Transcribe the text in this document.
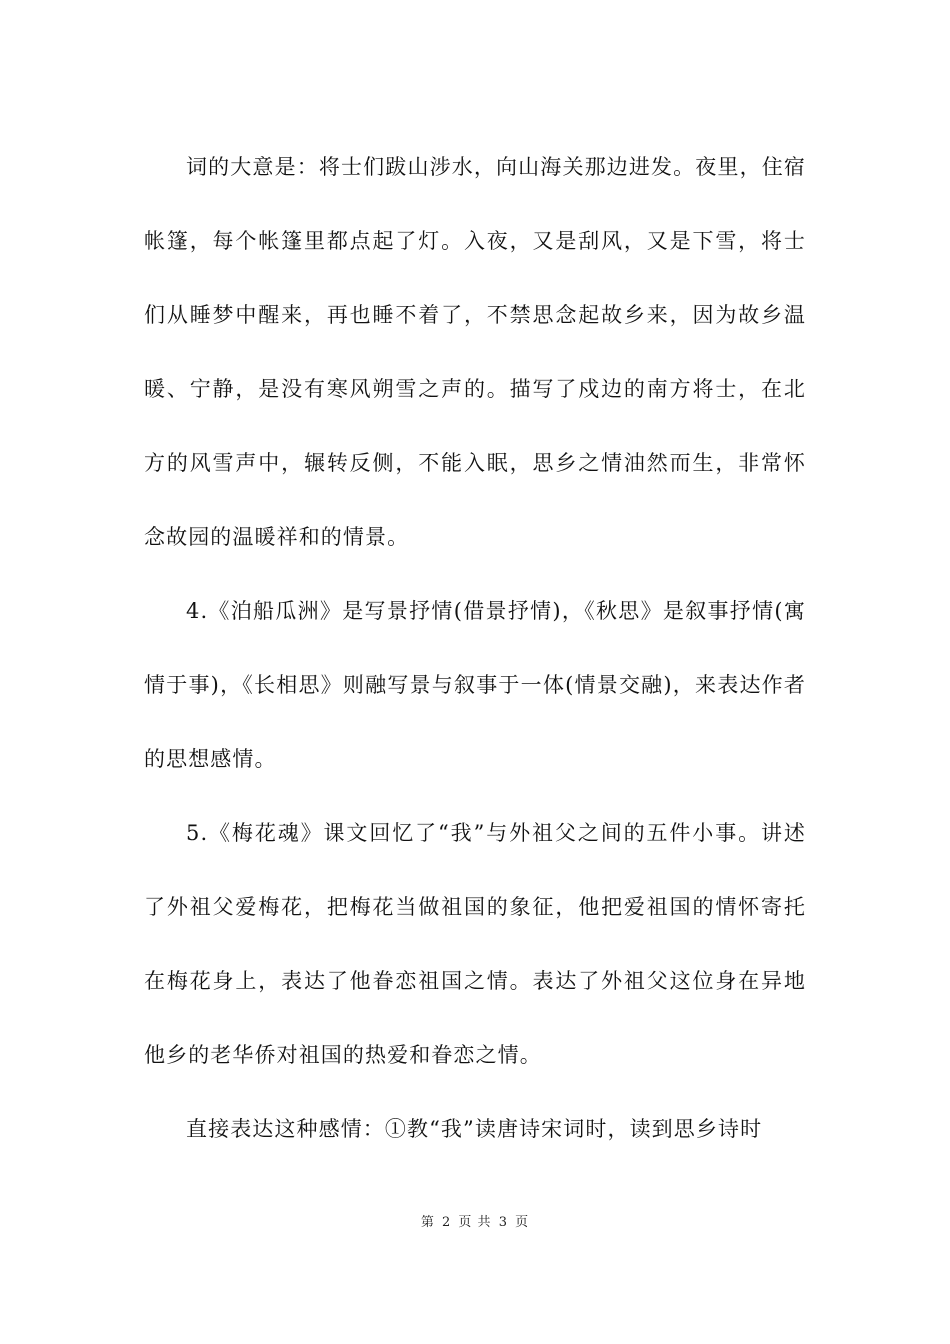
词的大意是：将士们跋山涉水，向山海关那边进发。夜里，住宿帐篷，每个帐篷里都点起了灯。入夜，又是刮风，又是下雪，将士们从睡梦中醒来，再也睡不着了，不禁思念起故乡来，因为故乡温暖、宁静，是没有寒风朔雪之声的。描写了戍边的南方将士，在北方的风雪声中，辗转反侧，不能入眠，思乡之情油然而生，非常怀念故园的温暖祥和的情景。

4.《泊船瓜洲》是写景抒情(借景抒情)，《秋思》是叙事抒情(寓情于事)，《长相思》则融写景与叙事于一体(情景交融)，来表达作者的思想感情。

5.《梅花魂》课文回忆了“我”与外祖父之间的五件小事。讲述了外祖父爱梅花，把梅花当做祖国的象征，他把爱祖国的情怀寄托在梅花身上，表达了他眷恋祖国之情。表达了外祖父这位身在异地他乡的老华侨对祖国的热爱和眷恋之情。

直接表达这种感情：①教“我”读唐诗宋词时，读到思乡诗时

第 2 页 共 3 页
